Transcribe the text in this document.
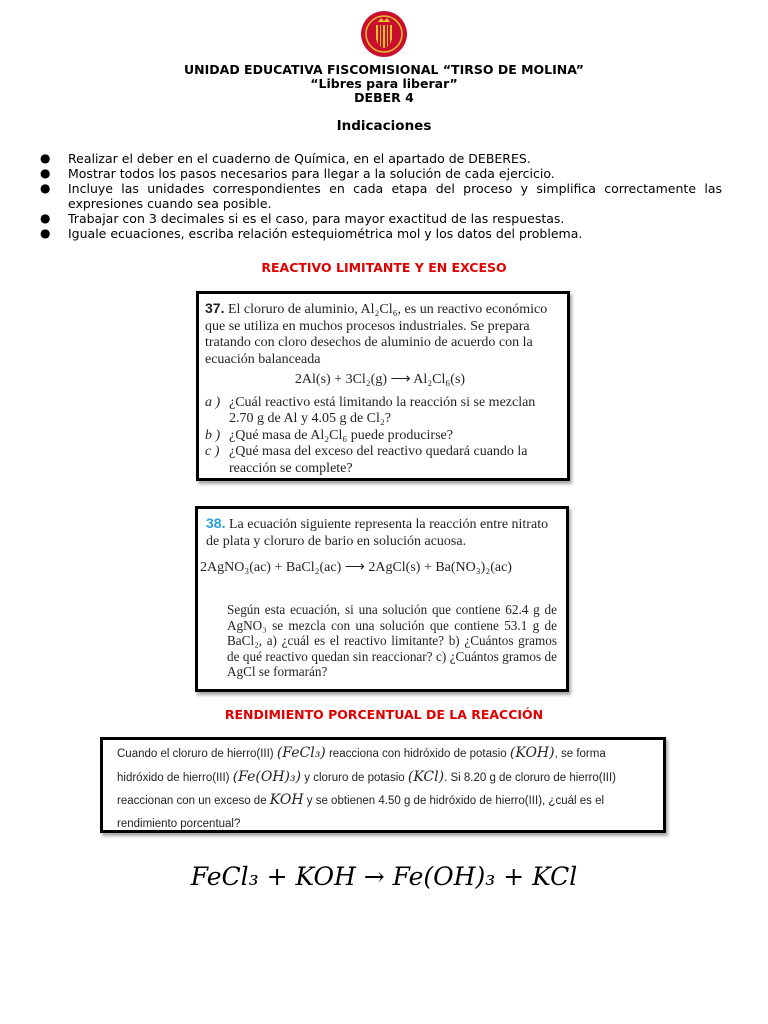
UNIDAD EDUCATIVA FISCOMISIONAL “TIRSO DE MOLINA”
“Libres para liberar”
DEBER 4
Indicaciones
● Realizar el deber en el cuaderno de Química, en el apartado de DEBERES.
● Mostrar todos los pasos necesarios para llegar a la solución de cada ejercicio.
● Incluye las unidades correspondientes en cada etapa del proceso y simplifica correctamente las expresiones cuando sea posible.
● Trabajar con 3 decimales si es el caso, para mayor exactitud de las respuestas.
● Iguale ecuaciones, escriba relación estequiométrica mol y los datos del problema.
REACTIVO LIMITANTE Y EN EXCESO
37. El cloruro de aluminio, Al₂Cl₆, es un reactivo económico que se utiliza en muchos procesos industriales. Se prepara tratando con cloro desechos de aluminio de acuerdo con la ecuación balanceada
2Al(s) + 3Cl₂(g) ⟶ Al₂Cl₆(s)
a ) ¿Cuál reactivo está limitando la reacción si se mezclan 2.70 g de Al y 4.05 g de Cl₂?
b ) ¿Qué masa de Al₂Cl₆ puede producirse?
c ) ¿Qué masa del exceso del reactivo quedará cuando la reacción se complete?
38. La ecuación siguiente representa la reacción entre nitrato de plata y cloruro de bario en solución acuosa.
2AgNO₃(ac) + BaCl₂(ac) ⟶ 2AgCl(s) + Ba(NO₃)₂(ac)
Según esta ecuación, si una solución que contiene 62.4 g de AgNO₃ se mezcla con una solución que contiene 53.1 g de BaCl₂, a) ¿cuál es el reactivo limitante? b) ¿Cuántos gramos de qué reactivo quedan sin reaccionar? c) ¿Cuántos gramos de AgCl se formarán?
RENDIMIENTO PORCENTUAL DE LA REACCIÓN
Cuando el cloruro de hierro(III) (FeCl₃) reacciona con hidróxido de potasio (KOH), se forma hidróxido de hierro(III) (Fe(OH)₃) y cloruro de potasio (KCl). Si 8.20 g de cloruro de hierro(III) reaccionan con un exceso de KOH y se obtienen 4.50 g de hidróxido de hierro(III), ¿cuál es el rendimiento porcentual?
FeCl₃ + KOH → Fe(OH)₃ + KCl
